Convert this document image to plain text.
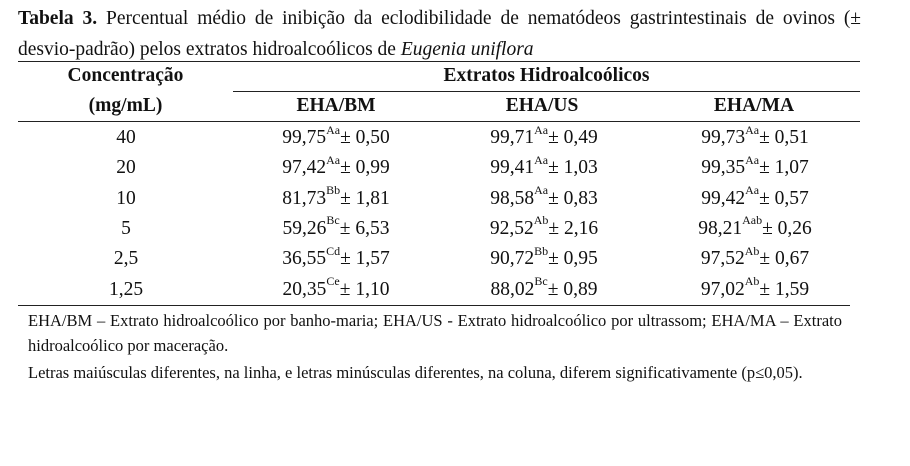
Tabela 3. Percentual médio de inibição da eclodibilidade de nematódeos gastrintestinais de ovinos (± desvio-padrão) pelos extratos hidroalcoólicos de Eugenia uniflora
Concentração
(mg/mL)
Extratos Hidroalcoólicos
EHA/BM	EHA/US	EHA/MA
40	$99,75^{Aa}\pm 0,50$	$99,71^{Aa}\pm 0,49$	$99,73^{Aa}\pm 0,51$
20	$97,42^{Aa}\pm 0,99$	$99,41^{Aa}\pm 1,03$	$99,35^{Aa}\pm 1,07$
10	$81,73^{Bb}\pm 1,81$	$98,58^{Aa}\pm 0,83$	$99,42^{Aa}\pm 0,57$
5	$59,26^{Bc}\pm 6,53$	$92,52^{Ab}\pm 2,16$	$98,21^{Aab}\pm 0,26$
2,5	$36,55^{Cd}\pm 1,57$	$90,72^{Bb}\pm 0,95$	$97,52^{Ab}\pm 0,67$
1,25	$20,35^{Ce}\pm 1,10$	$88,02^{Bc}\pm 0,89$	$97,02^{Ab}\pm 1,59$
EHA/BM – Extrato hidroalcoólico por banho-maria; EHA/US - Extrato hidroalcoólico por ultrassom; EHA/MA – Extrato hidroalcoólico por maceração.
Letras maiúsculas diferentes, na linha, e letras minúsculas diferentes, na coluna, diferem significativamente (p≤0,05).
